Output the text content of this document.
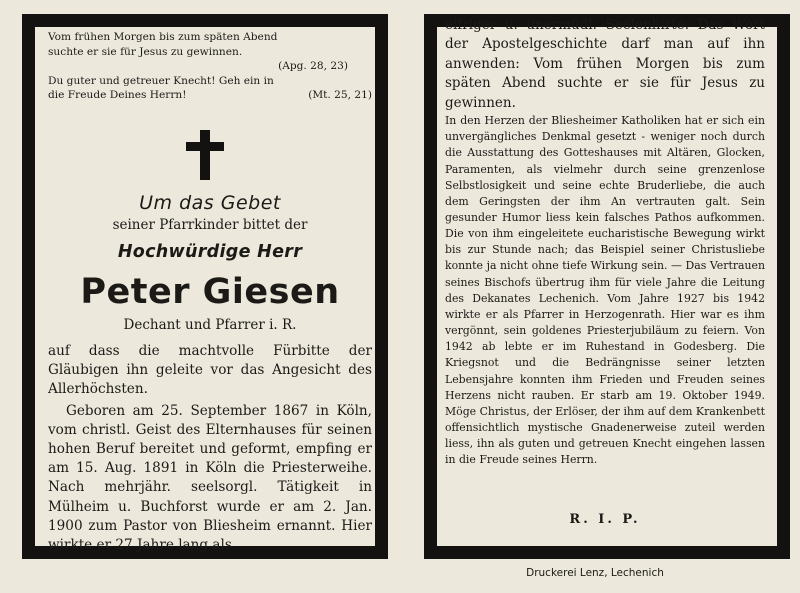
Vom frühen Morgen bis zum späten Abend

suchte er sie für Jesus zu gewinnen.

(Apg. 28, 23)

Du guter und getreuer Knecht! Geh ein in

die Freude Deines Herrn!	(Mt. 25, 21)

Um das Gebet
seiner Pfarrkinder bittet der
Hochwürdige Herr
Peter Giesen
Dechant und Pfarrer i. R.

auf dass die machtvolle Fürbitte der Gläubigen ihn geleite vor das Angesicht des Allerhöchsten.

Geboren am 25. September 1867 in Köln, vom christl. Geist des Elternhauses für seinen hohen Beruf bereitet und geformt, empfing er am 15. Aug. 1891 in Köln die Priesterweihe. Nach mehrjähr. seelsorgl. Tätigkeit in Mülheim u. Buchforst wurde er am 2. Jan. 1900 zum Pastor von Bliesheim ernannt. Hier wirkte er 27 Jahre lang als

eifriger u. unermüdl. Seelenhirte. Das Wort der Apostelgeschichte darf man auf ihn anwenden: Vom frühen Morgen bis zum späten Abend suchte er sie für Jesus zu gewinnen.

In den Herzen der Bliesheimer Katholiken hat er sich ein unvergängliches Denkmal gesetzt - weniger noch durch die Ausstattung des Gotteshauses mit Altären, Glocken, Paramenten, als vielmehr durch seine grenzenlose Selbstlosigkeit und seine echte Bruderliebe, die auch dem Geringsten der ihm An vertrauten galt. Sein gesunder Humor liess kein falsches Pathos aufkommen. Die von ihm eingeleitete eucharistische Bewegung wirkt bis zur Stunde nach; das Beispiel seiner Christusliebe konnte ja nicht ohne tiefe Wirkung sein. — Das Vertrauen seines Bischofs übertrug ihm für viele Jahre die Leitung des Dekanates Lechenich. Vom Jahre 1927 bis 1942 wirkte er als Pfarrer in Herzogenrath. Hier war es ihm vergönnt, sein goldenes Priesterjubiläum zu feiern. Von 1942 ab lebte er im Ruhestand in Godesberg. Die Kriegsnot und die Bedrängnisse seiner letzten Lebensjahre konnten ihm Frieden und Freuden seines Herzens nicht rauben. Er starb am 19. Oktober 1949. Möge Christus, der Erlöser, der ihm auf dem Krankenbett offensichtlich mystische Gnadenerweise zuteil werden liess, ihn als guten und getreuen Knecht eingehen lassen in die Freude seines Herrn.

R. I. P.
Druckerei Lenz, Lechenich
